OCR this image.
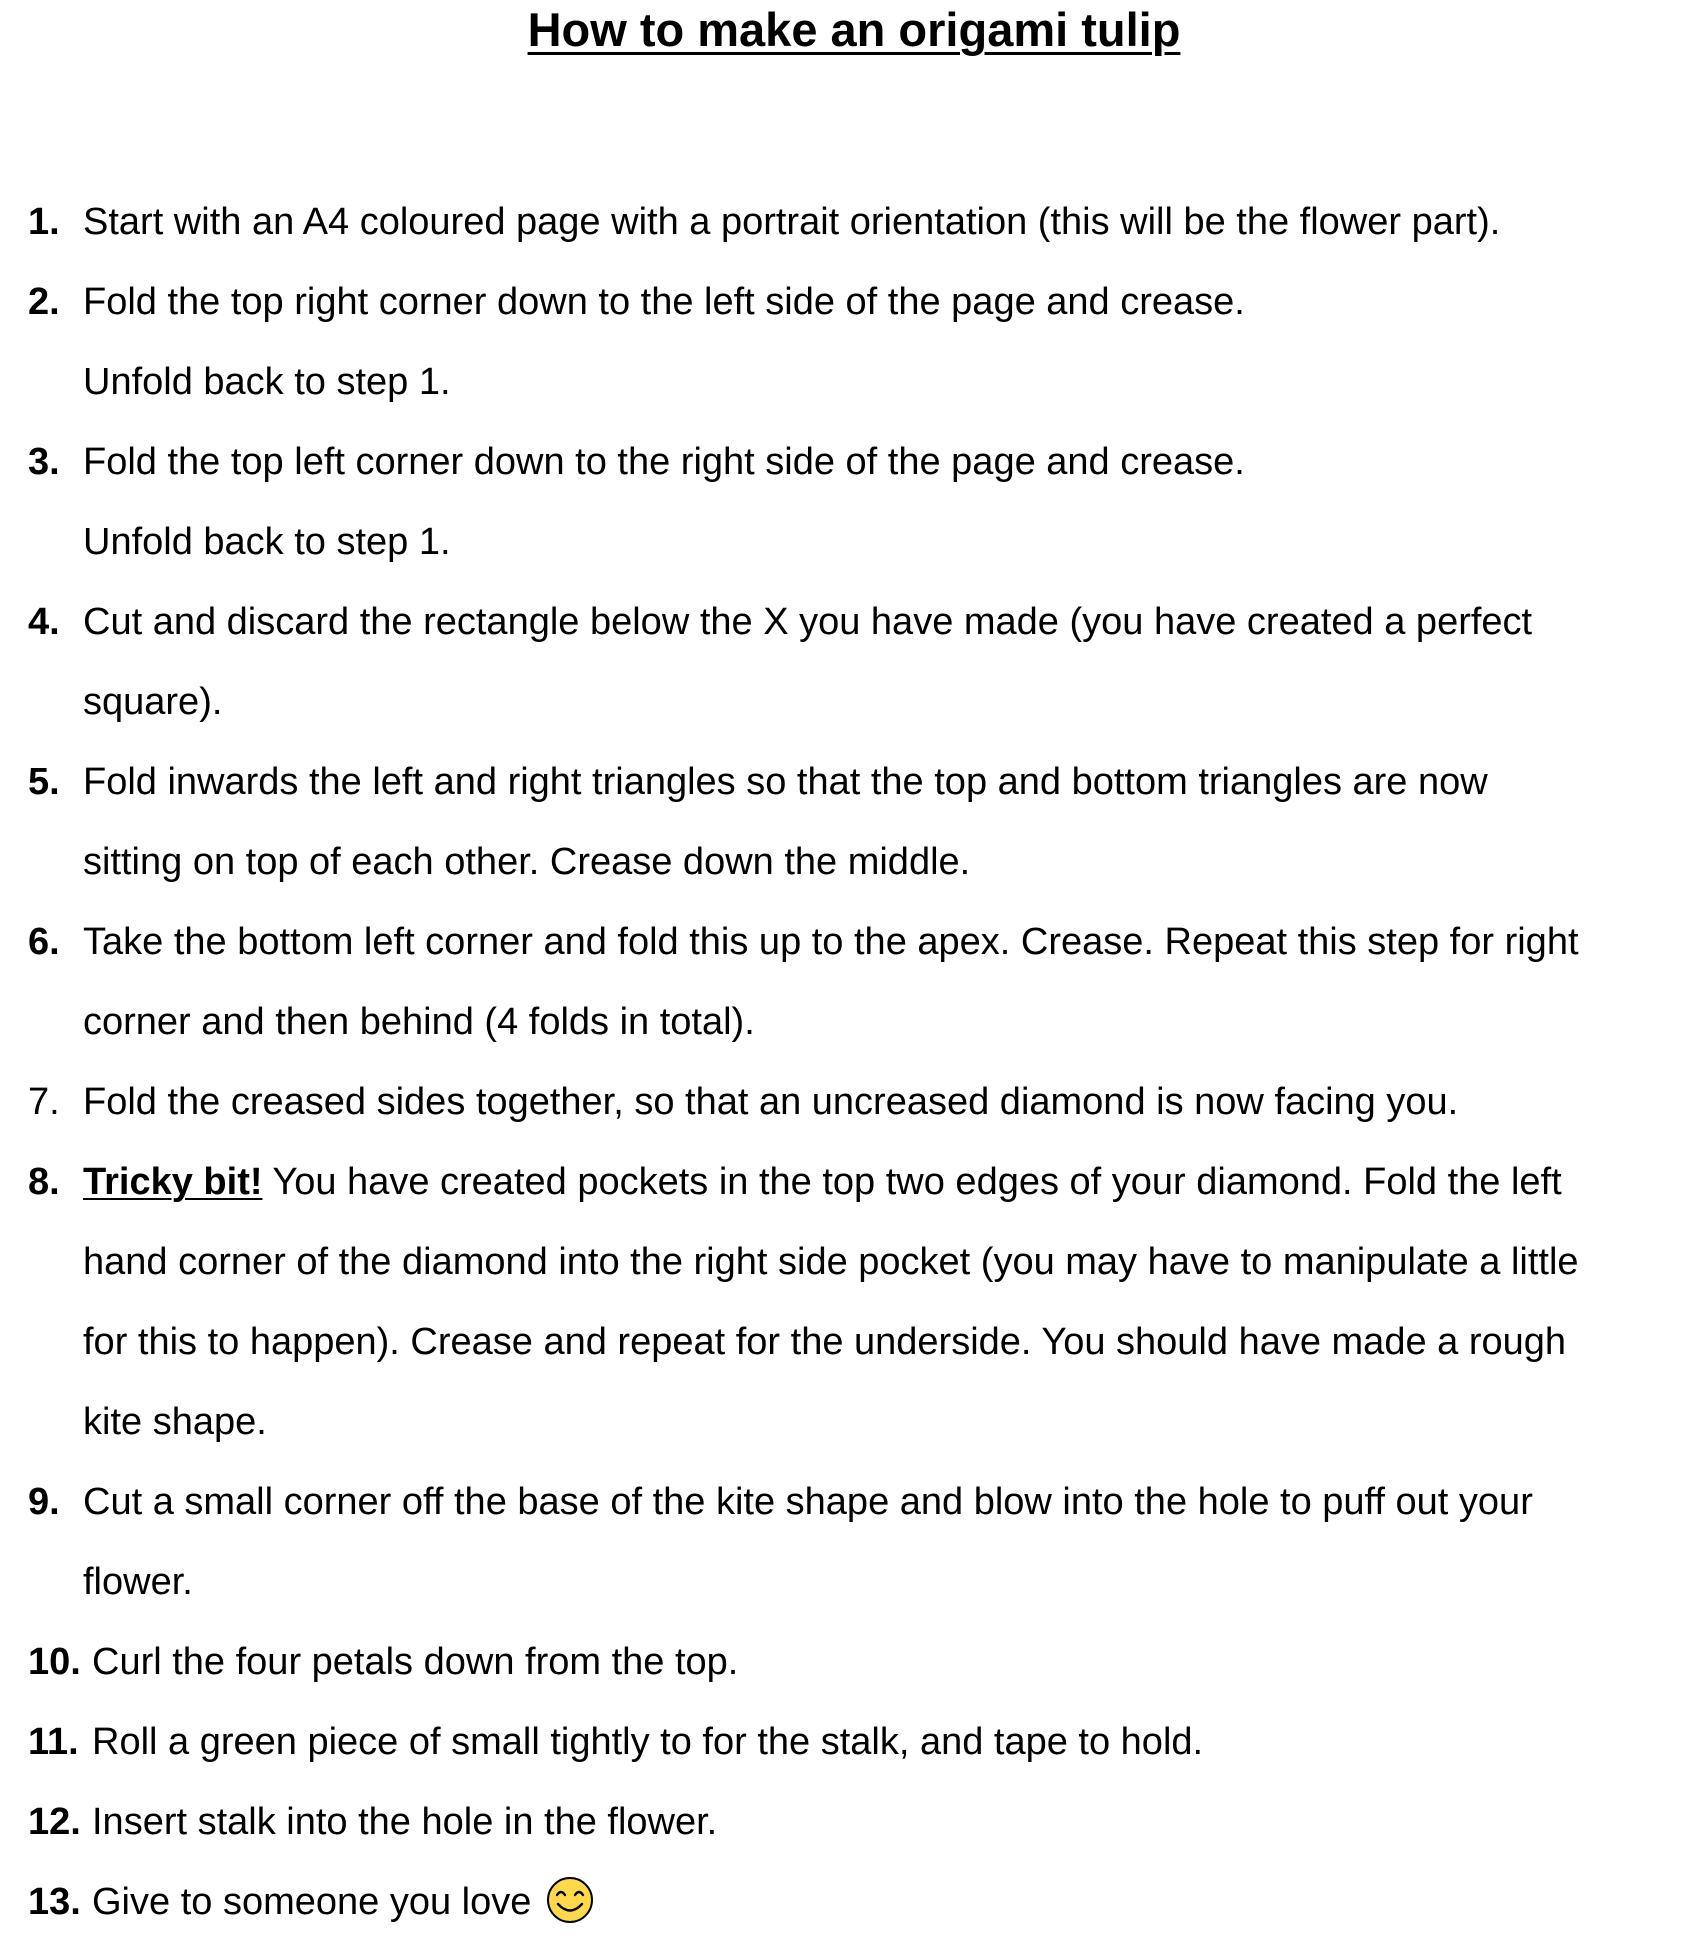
How to make an origami tulip
1. Start with an A4 coloured page with a portrait orientation (this will be the flower part).
2. Fold the top right corner down to the left side of the page and crease.
Unfold back to step 1.
3. Fold the top left corner down to the right side of the page and crease.
Unfold back to step 1.
4. Cut and discard the rectangle below the X you have made (you have created a perfect
square).
5. Fold inwards the left and right triangles so that the top and bottom triangles are now
sitting on top of each other. Crease down the middle.
6. Take the bottom left corner and fold this up to the apex. Crease. Repeat this step for right
corner and then behind (4 folds in total).
7. Fold the creased sides together, so that an uncreased diamond is now facing you.
8. Tricky bit! You have created pockets in the top two edges of your diamond. Fold the left
hand corner of the diamond into the right side pocket (you may have to manipulate a little
for this to happen). Crease and repeat for the underside. You should have made a rough
kite shape.
9. Cut a small corner off the base of the kite shape and blow into the hole to puff out your
flower.
10. Curl the four petals down from the top.
11. Roll a green piece of small tightly to for the stalk, and tape to hold.
12. Insert stalk into the hole in the flower.
13. Give to someone you love
